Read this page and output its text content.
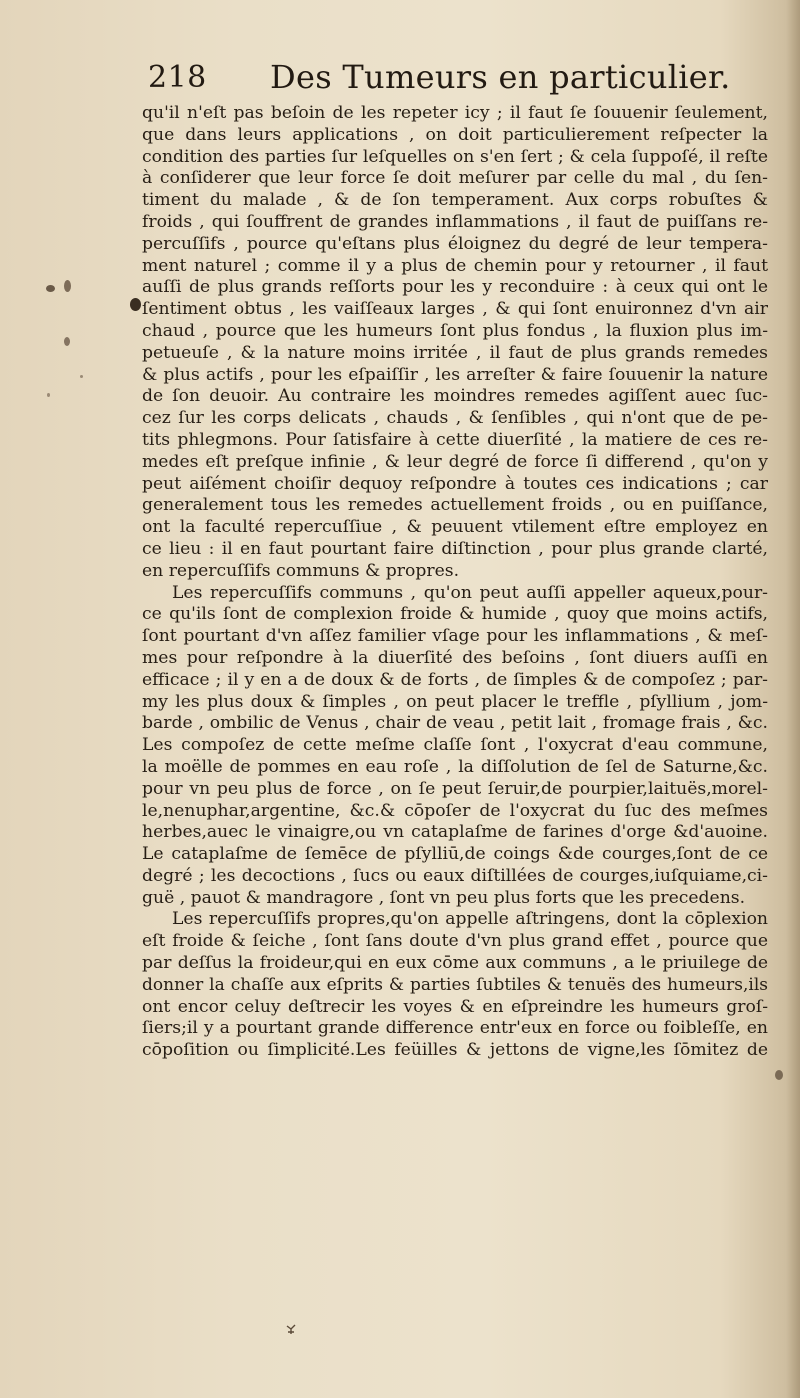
218 Des Tumeurs en particulier.
qu'il n'eſt pas beſoin de les repeter icy ; il faut ſe ſouuenir ſeulement,
que dans leurs applications , on doit particulierement reſpecter la
condition des parties ſur leſquelles on s'en ſert ; & cela ſuppoſé, il reſte
à conſiderer que leur force ſe doit meſurer par celle du mal , du ſen-
timent du malade , & de ſon temperament. Aux corps robuſtes &
froids , qui ſouffrent de grandes inflammations , il faut de puiſſans re-
percuſſifs , pource qu'eſtans plus éloignez du degré de leur tempera-
ment naturel ; comme il y a plus de chemin pour y retourner , il faut
auſſi de plus grands reſſorts pour les y reconduire : à ceux qui ont le
ſentiment obtus , les vaiſſeaux larges , & qui ſont enuironnez d'vn air
chaud , pource que les humeurs ſont plus fondus , la fluxion plus im-
petueuſe , & la nature moins irritée , il faut de plus grands remedes
& plus actifs , pour les eſpaiſſir , les arreſter & faire ſouuenir la nature
de ſon deuoir. Au contraire les moindres remedes agiſſent auec ſuc-
cez ſur les corps delicats , chauds , & ſenſibles , qui n'ont que de pe-
tits phlegmons. Pour ſatisfaire à cette diuerſité , la matiere de ces re-
medes eſt preſque infinie , & leur degré de force ſi differend , qu'on y
peut aiſément choiſir dequoy reſpondre à toutes ces indications ; car
generalement tous les remedes actuellement froids , ou en puiſſance,
ont la faculté repercuſſiue , & peuuent vtilement eſtre employez en
ce lieu : il en faut pourtant faire diſtinction , pour plus grande clarté,
en repercuſſifs communs & propres.
Les repercuſſifs communs , qu'on peut auſſi appeller aqueux,pour-
ce qu'ils ſont de complexion froide & humide , quoy que moins actifs,
ſont pourtant d'vn aſſez familier vſage pour les inflammations , & meſ-
mes pour reſpondre à la diuerſité des beſoins , ſont diuers auſſi en
efficace ; il y en a de doux & de forts , de ſimples & de compoſez ; par-
my les plus doux & ſimples , on peut placer le treffle , pſyllium , jom-
barde , ombilic de Venus , chair de veau , petit lait , fromage frais , &c.
Les compoſez de cette meſme claſſe ſont , l'oxycrat d'eau commune,
la moëlle de pommes en eau roſe , la diſſolution de ſel de Saturne,&c.
pour vn peu plus de force , on ſe peut ſeruir,de pourpier,laituës,morel-
le,nenuphar,argentine, &c.& cōpoſer de l'oxycrat du ſuc des meſmes
herbes,auec le vinaigre,ou vn cataplaſme de farines d'orge &d'auoine.
Le cataplaſme de ſemēce de pſylliū,de coings &de courges,ſont de ce
degré ; les decoctions , ſucs ou eaux diſtillées de courges,iuſquiame,ci-
guë , pauot & mandragore , ſont vn peu plus forts que les precedens.
Les repercuſſifs propres,qu'on appelle aſtringens, dont la cōplexion
eſt froide & ſeiche , ſont ſans doute d'vn plus grand effet , pource que
par deſſus la froideur,qui en eux cōme aux communs , a le priuilege de
donner la chaſſe aux eſprits & parties ſubtiles & tenuës des humeurs,ils
ont encor celuy deſtrecir les voyes & en eſpreindre les humeurs groſ-
ſiers;il y a pourtant grande difference entr'eux en force ou foibleſſe, en
cōpoſition ou ſimplicité.Les feüilles & jettons de vigne,les ſōmitez de
